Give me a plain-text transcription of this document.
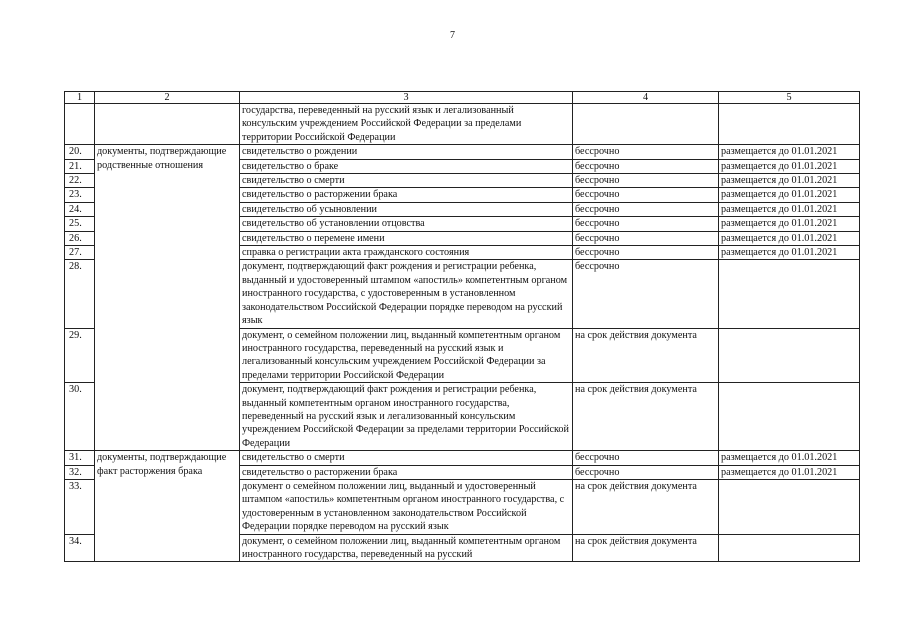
7
1	2	3	4	5
		государства, переведенный на русский язык и легализованный консульским учреждением Российской Федерации за пределами территории Российской Федерации		
20.	документы, подтверждающие родственные отношения	свидетельство о рождении	бессрочно	размещается до 01.01.2021
21.		свидетельство о браке	бессрочно	размещается до 01.01.2021
22.		свидетельство о смерти	бессрочно	размещается до 01.01.2021
23.		свидетельство о расторжении брака	бессрочно	размещается до 01.01.2021
24.		свидетельство об усыновлении	бессрочно	размещается до 01.01.2021
25.		свидетельство об установлении отцовства	бессрочно	размещается до 01.01.2021
26.		свидетельство о перемене имени	бессрочно	размещается до 01.01.2021
27.		справка о регистрации акта гражданского состояния	бессрочно	размещается до 01.01.2021
28.		документ, подтверждающий факт рождения и регистрации ребенка, выданный и удостоверенный штампом «апостиль» компетентным органом иностранного государства, с удостоверенным в установленном законодательством Российской Федерации порядке переводом на русский язык	бессрочно	
29.		документ, о семейном положении лиц, выданный компетентным органом иностранного государства, переведенный на русский язык и легализованный консульским учреждением Российской Федерации за пределами территории Российской Федерации	на срок действия документа	
30.		документ, подтверждающий факт рождения и регистрации ребенка, выданный компетентным органом иностранного государства, переведенный на русский язык и легализованный консульским учреждением Российской Федерации за пределами территории Российской Федерации	на срок действия документа	
31.	документы, подтверждающие факт расторжения брака	свидетельство о смерти	бессрочно	размещается до 01.01.2021
32.		свидетельство о расторжении брака	бессрочно	размещается до 01.01.2021
33.		документ о семейном положении лиц, выданный и удостоверенный штампом «апостиль» компетентным органом иностранного государства, с удостоверенным в установленном законодательством Российской Федерации порядке переводом на русский язык	на срок действия документа	
34.		документ, о семейном положении лиц, выданный компетентным органом иностранного государства, переведенный на русский	на срок действия документа	
